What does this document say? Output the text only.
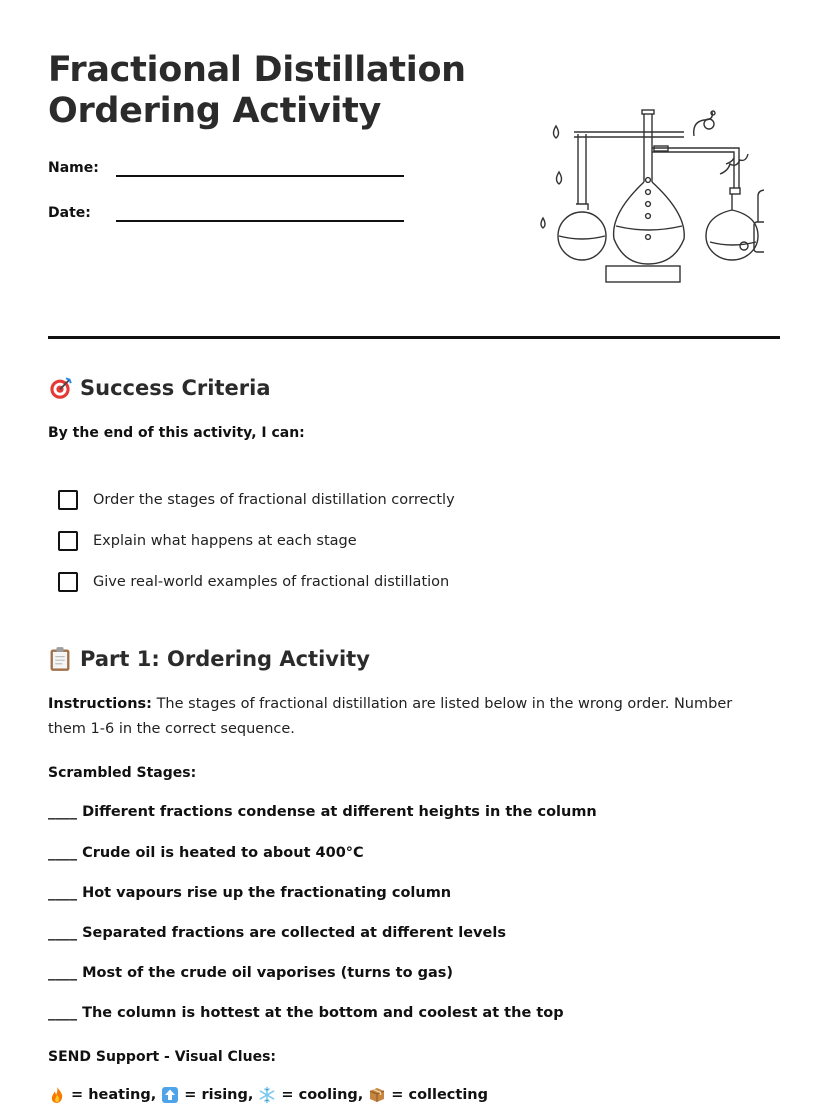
Fractional Distillation
Ordering Activity
Name:
Date:
Success Criteria
By the end of this activity, I can:
Order the stages of fractional distillation correctly
Explain what happens at each stage
Give real-world examples of fractional distillation
Part 1: Ordering Activity
Instructions: The stages of fractional distillation are listed below in the wrong order. Number them 1-6 in the correct sequence.
Scrambled Stages:
____ Different fractions condense at different heights in the column
____ Crude oil is heated to about 400°C
____ Hot vapours rise up the fractionating column
____ Separated fractions are collected at different levels
____ Most of the crude oil vaporises (turns to gas)
____ The column is hottest at the bottom and coolest at the top
SEND Support - Visual Clues:
= heating, = rising, = cooling, = collecting
